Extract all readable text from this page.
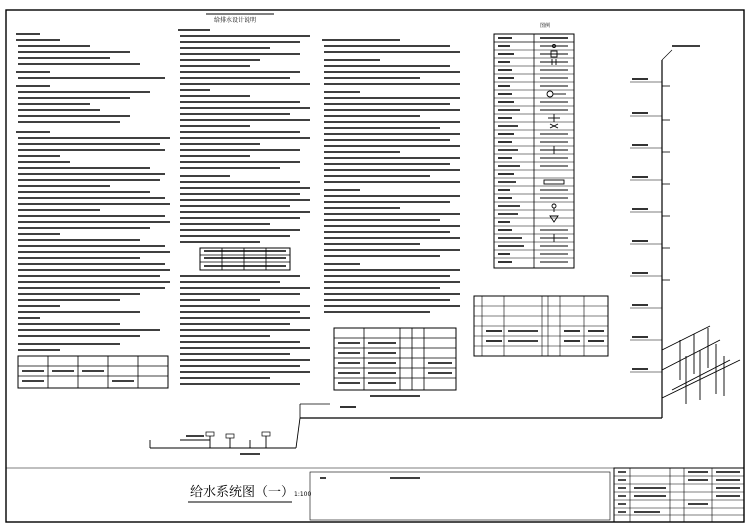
给排水设计说明
图例
给水系统图（一）1:100
